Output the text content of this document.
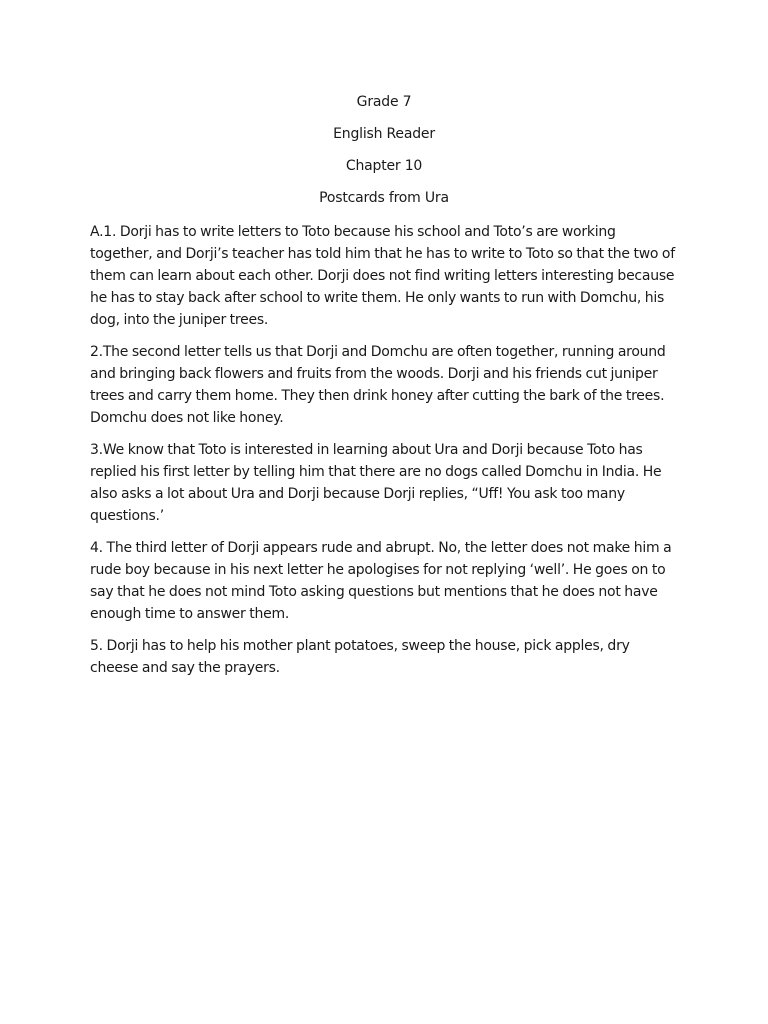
Grade 7
English Reader
Chapter 10
Postcards from Ura

A.1. Dorji has to write letters to Toto because his school and Toto’s are working together, and Dorji’s teacher has told him that he has to write to Toto so that the two of them can learn about each other. Dorji does not find writing letters interesting because he has to stay back after school to write them. He only wants to run with Domchu, his dog, into the juniper trees.

2.The second letter tells us that Dorji and Domchu are often together, running around and bringing back flowers and fruits from the woods. Dorji and his friends cut juniper trees and carry them home. They then drink honey after cutting the bark of the trees. Domchu does not like honey.

3.We know that Toto is interested in learning about Ura and Dorji because Toto has replied his first letter by telling him that there are no dogs called Domchu in India. He also asks a lot about Ura and Dorji because Dorji replies, “Uff! You ask too many questions.’

4. The third letter of Dorji appears rude and abrupt. No, the letter does not make him a rude boy because in his next letter he apologises for not replying ‘well’. He goes on to say that he does not mind Toto asking questions but mentions that he does not have enough time to answer them.

5. Dorji has to help his mother plant potatoes, sweep the house, pick apples, dry cheese and say the prayers.
